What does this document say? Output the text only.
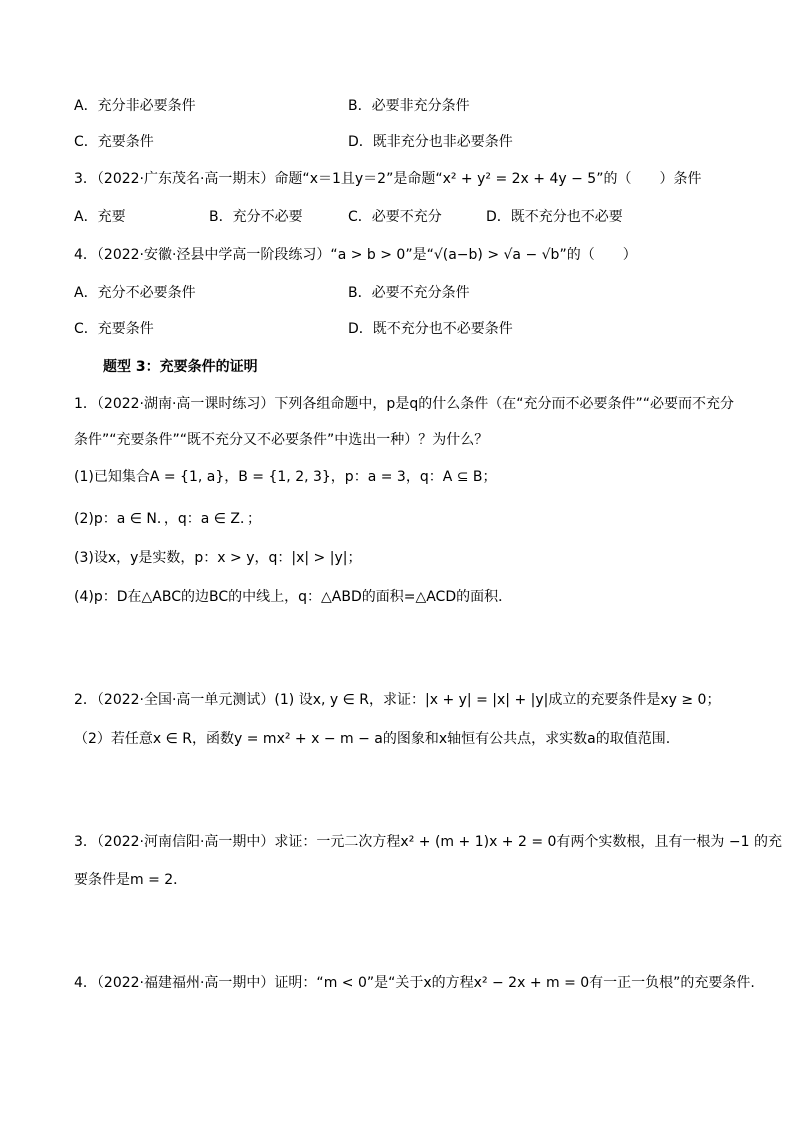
A．充分非必要条件	B．必要非充分条件
C．充要条件	D．既非充分也非必要条件
3．（2022·广东茂名·高一期末）命题“x＝1且y＝2”是命题“x² + y² = 2x + 4y − 5”的（　　）条件
A．充要	B．充分不必要	C．必要不充分	D．既不充分也不必要
4．（2022·安徽·泾县中学高一阶段练习）“a > b > 0”是“√(a−b) > √a − √b”的（　　）
A．充分不必要条件	B．必要不充分条件
C．充要条件	D．既不充分也不必要条件
题型 3：充要条件的证明
1．（2022·湖南·高一课时练习）下列各组命题中，p是q的什么条件（在“充分而不必要条件”“必要而不充分
条件”“充要条件”“既不充分又不必要条件”中选出一种）？为什么？
(1)已知集合A = {1, a}，B = {1, 2, 3}，p：a = 3，q：A ⊆ B；
(2)p：a ∈ N．，q：a ∈ Z．；
(3)设x，y是实数，p：x > y，q：|x| > |y|；
(4)p：D在△ABC的边BC的中线上，q：△ABD的面积=△ACD的面积．
2．（2022·全国·高一单元测试）(1) 设x, y ∈ R，求证：|x + y| = |x| + |y|成立的充要条件是xy ≥ 0；
（2）若任意x ∈ R，函数y = mx² + x − m − a的图象和x轴恒有公共点，求实数a的取值范围.
3．（2022·河南信阳·高一期中）求证：一元二次方程x² + (m + 1)x + 2 = 0有两个实数根，且有一根为 −1 的充
要条件是m = 2．
4．（2022·福建福州·高一期中）证明：“m < 0”是“关于x的方程x² − 2x + m = 0有一正一负根”的充要条件.
